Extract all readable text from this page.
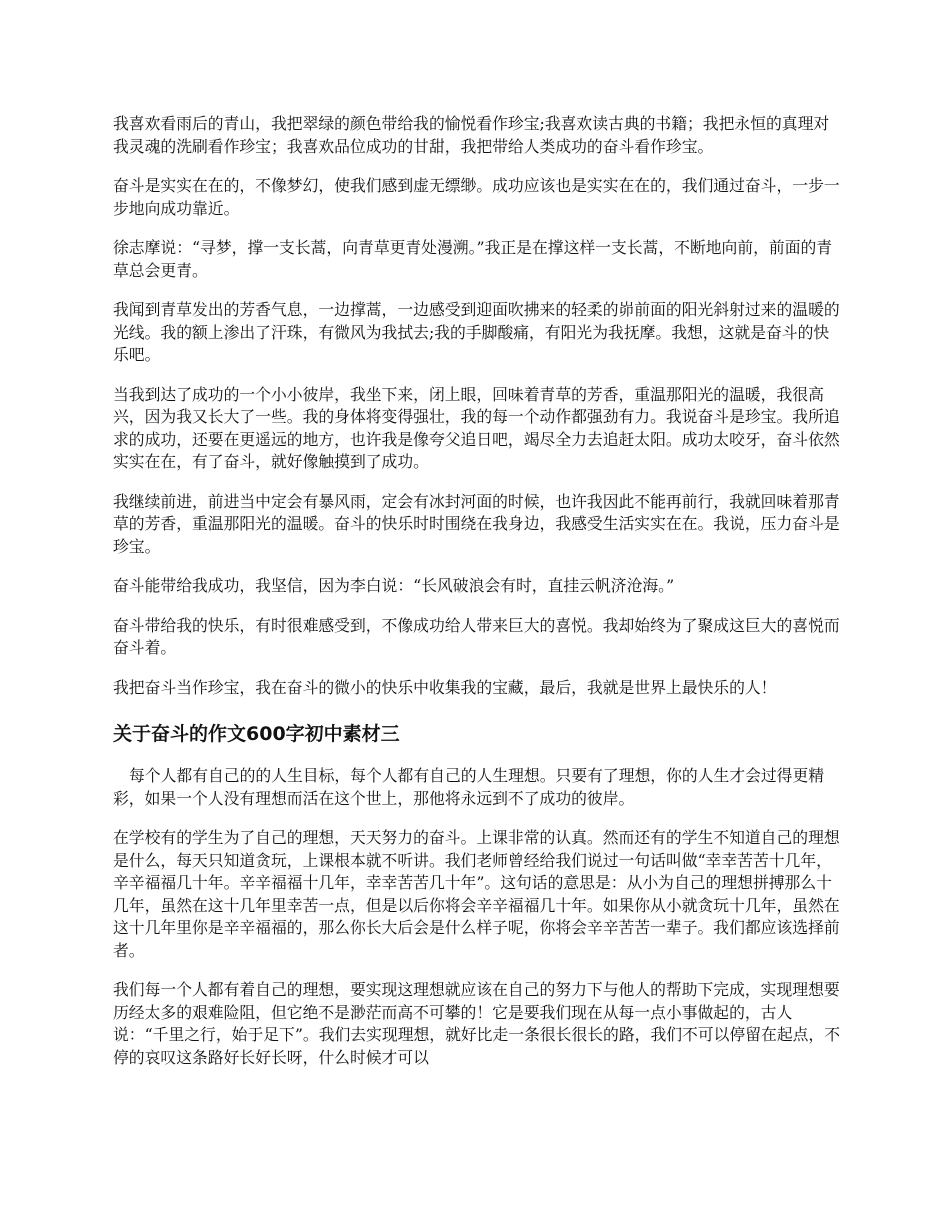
我喜欢看雨后的青山，我把翠绿的颜色带给我的愉悦看作珍宝;我喜欢读古典的书籍；我把永恒的真理对我灵魂的洗刷看作珍宝；我喜欢品位成功的甘甜，我把带给人类成功的奋斗看作珍宝。

奋斗是实实在在的，不像梦幻，使我们感到虚无缥缈。成功应该也是实实在在的，我们通过奋斗，一步一步地向成功靠近。

徐志摩说：“寻梦，撑一支长蒿，向青草更青处漫溯。”我正是在撑这样一支长蒿，不断地向前，前面的青草总会更青。

我闻到青草发出的芳香气息，一边撑蒿，一边感受到迎面吹拂来的轻柔的峁前面的阳光斜射过来的温暖的光线。我的额上渗出了汗珠，有微风为我拭去;我的手脚酸痛，有阳光为我抚摩。我想，这就是奋斗的快乐吧。

当我到达了成功的一个小小彼岸，我坐下来，闭上眼，回味着青草的芳香，重温那阳光的温暖，我很高兴，因为我又长大了一些。我的身体将变得强壮，我的每一个动作都强劲有力。我说奋斗是珍宝。我所追求的成功，还要在更遥远的地方，也许我是像夸父追日吧，竭尽全力去追赶太阳。成功太咬牙，奋斗依然实实在在，有了奋斗，就好像触摸到了成功。

我继续前进，前进当中定会有暴风雨，定会有冰封河面的时候，也许我因此不能再前行，我就回味着那青草的芳香，重温那阳光的温暖。奋斗的快乐时时围绕在我身边，我感受生活实实在在。我说，压力奋斗是珍宝。

奋斗能带给我成功，我坚信，因为李白说：“长风破浪会有时，直挂云帆济沧海。”

奋斗带给我的快乐，有时很难感受到，不像成功给人带来巨大的喜悦。我却始终为了聚成这巨大的喜悦而奋斗着。

我把奋斗当作珍宝，我在奋斗的微小的快乐中收集我的宝藏，最后，我就是世界上最快乐的人！

关于奋斗的作文600字初中素材三

每个人都有自己的的人生目标，每个人都有自己的人生理想。只要有了理想，你的人生才会过得更精彩，如果一个人没有理想而活在这个世上，那他将永远到不了成功的彼岸。

在学校有的学生为了自己的理想，天天努力的奋斗。上课非常的认真。然而还有的学生不知道自己的理想是什么，每天只知道贪玩，上课根本就不听讲。我们老师曾经给我们说过一句话叫做“幸幸苦苦十几年，辛辛福福几十年。辛辛福福十几年，幸幸苦苦几十年”。这句话的意思是：从小为自己的理想拼搏那么十几年，虽然在这十几年里幸苦一点，但是以后你将会辛辛福福几十年。如果你从小就贪玩十几年，虽然在这十几年里你是辛辛福福的，那么你长大后会是什么样子呢，你将会辛辛苦苦一辈子。我们都应该选择前者。

我们每一个人都有着自己的理想，要实现这理想就应该在自己的努力下与他人的帮助下完成，实现理想要历经太多的艰难险阻，但它绝不是渺茫而高不可攀的！它是要我们现在从每一点小事做起的，古人说：“千里之行，始于足下”。我们去实现理想，就好比走一条很长很长的路，我们不可以停留在起点，不停的哀叹这条路好长好长呀，什么时候才可以
